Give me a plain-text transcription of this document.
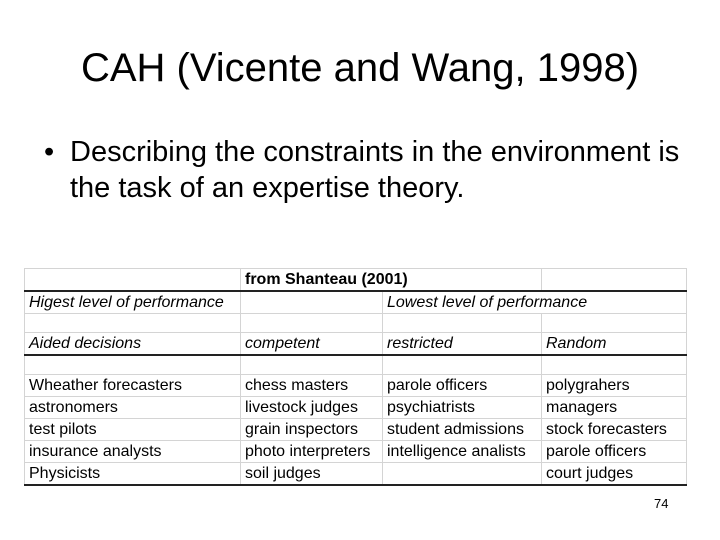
CAH (Vicente and Wang, 1998)
• Describing the constraints in the environment is the task of an expertise theory.
	from Shanteau (2001)		
Higest level of performance		Lowest level of performance	

Aided decisions	competent	restricted	Random

Wheather forecasters	chess masters	parole officers	polygrahers
astronomers	livestock judges	psychiatrists	managers
test pilots	grain inspectors	student admissions	stock forecasters
insurance analysts	photo interpreters	intelligence analists	parole officers
Physicists	soil judges		court judges
74
